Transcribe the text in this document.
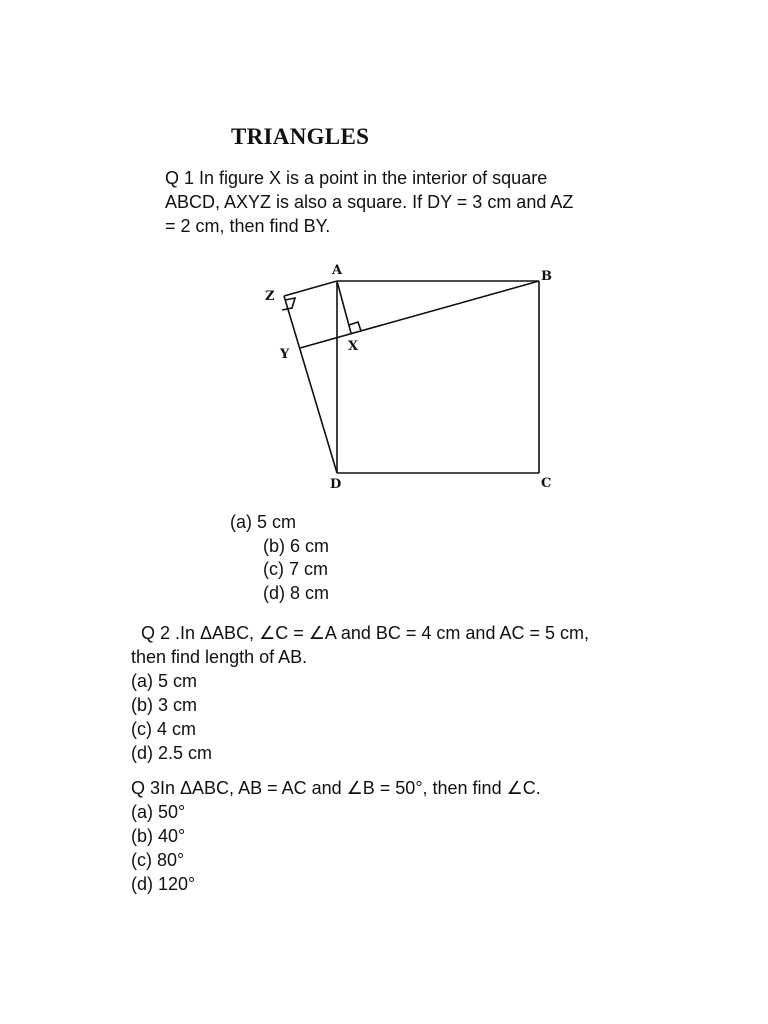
TRIANGLES
Q 1 In figure X is a point in the interior of square
ABCD, AXYZ is also a square. If DY = 3 cm and AZ
= 2 cm, then find BY.
A	B
C
D
X
Y
Z
(a) 5 cm
(b) 6 cm
(c) 7 cm
(d) 8 cm
Q 2 .In ΔABC, ∠C = ∠A and BC = 4 cm and AC = 5 cm,
then find length of AB.
(a) 5 cm
(b) 3 cm
(c) 4 cm
(d) 2.5 cm
Q 3In ΔABC, AB = AC and ∠B = 50°, then find ∠C.
(a) 50°
(b) 40°
(c) 80°
(d) 120°
